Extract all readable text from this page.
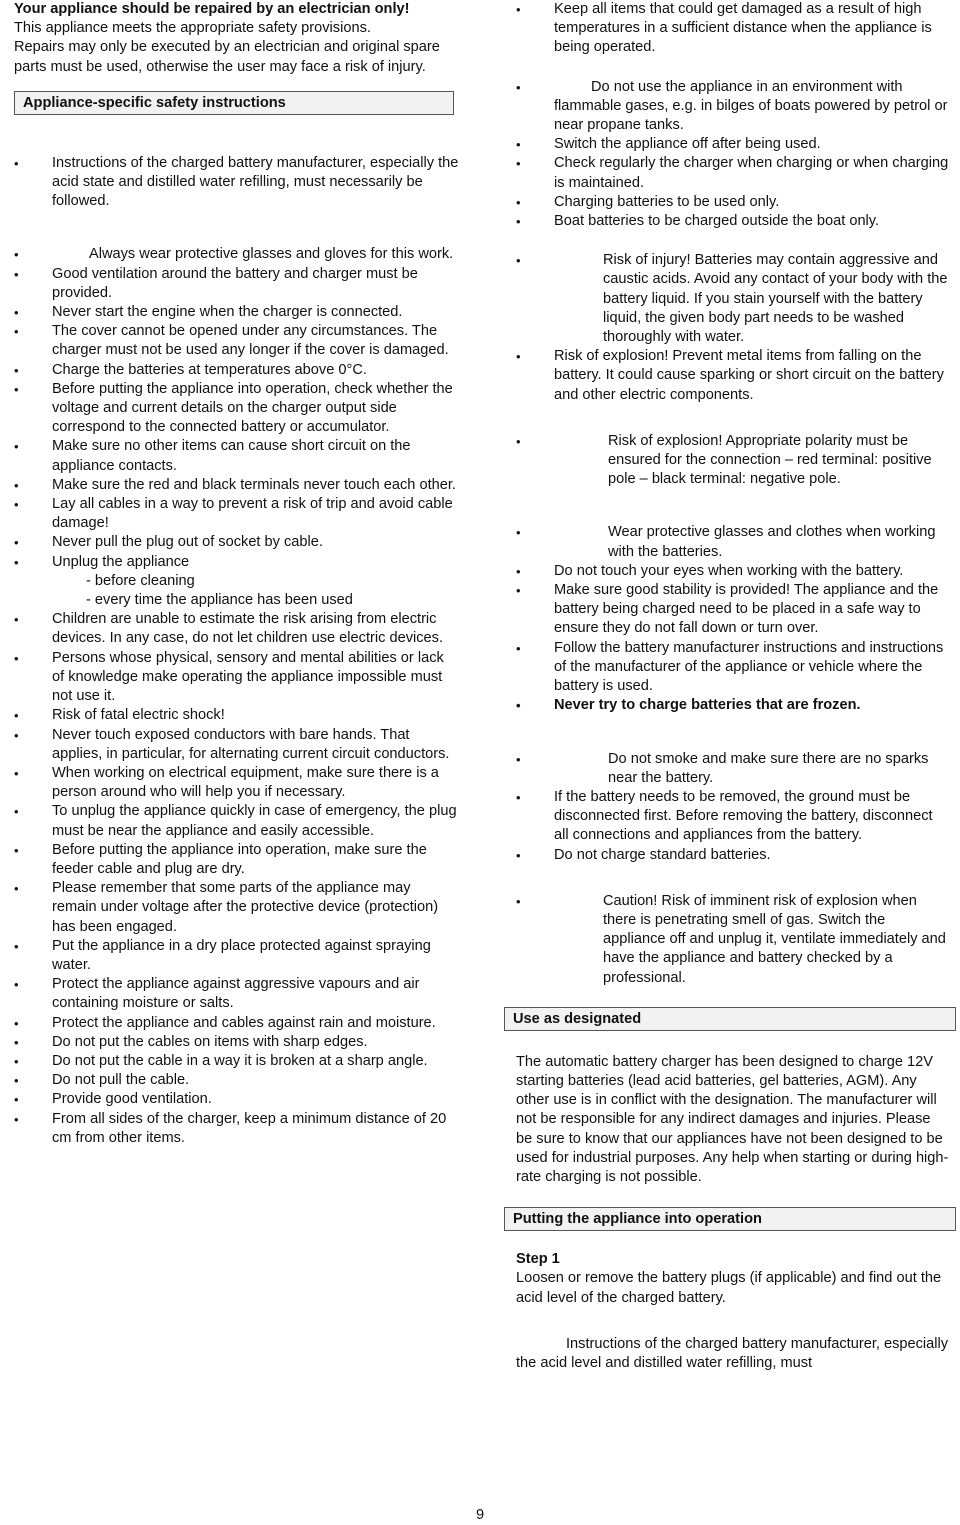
Your appliance should be repaired by an electrician only!

This appliance meets the appropriate safety provisions.

Repairs may only be executed by an electrician and original spare parts must be used, otherwise the user may face a risk of injury.

Appliance-specific safety instructions
• Instructions of the charged battery manufacturer, especially the acid state and distilled water refilling, must necessarily be followed.
• Always wear protective glasses and gloves for this work.
• Good ventilation around the battery and charger must be provided.
• Never start the engine when the charger is connected.
• The cover cannot be opened under any circumstances. The charger must not be used any longer if the cover is damaged.
• Charge the batteries at temperatures above 0°C.
• Before putting the appliance into operation, check whether the voltage and current details on the charger output side correspond to the connected battery or accumulator.
• Make sure no other items can cause short circuit on the appliance contacts.
• Make sure the red and black terminals never touch each other.
• Lay all cables in a way to prevent a risk of trip and avoid cable damage!
• Never pull the plug out of socket by cable.
• Unplug the appliance
- before cleaning
- every time the appliance has been used
• Children are unable to estimate the risk arising from electric devices. In any case, do not let children use electric devices.
• Persons whose physical, sensory and mental abilities or lack of knowledge make operating the appliance impossible must not use it.
• Risk of fatal electric shock!
• Never touch exposed conductors with bare hands. That applies, in particular, for alternating current circuit conductors.
• When working on electrical equipment, make sure there is a person around who will help you if necessary.
• To unplug the appliance quickly in case of emergency, the plug must be near the appliance and easily accessible.
• Before putting the appliance into operation, make sure the feeder cable and plug are dry.
• Please remember that some parts of the appliance may remain under voltage after the protective device (protection) has been engaged.
• Put the appliance in a dry place protected against spraying water.
• Protect the appliance against aggressive vapours and air containing moisture or salts.
• Protect the appliance and cables against rain and moisture.
• Do not put the cables on items with sharp edges.
• Do not put the cable in a way it is broken at a sharp angle.
• Do not pull the cable.
• Provide good ventilation.
• From all sides of the charger, keep a minimum distance of 20 cm from other items.
• Keep all items that could get damaged as a result of high temperatures in a sufficient distance when the appliance is being operated.
• Do not use the appliance in an environment with flammable gases, e.g. in bilges of boats powered by petrol or near propane tanks.
• Switch the appliance off after being used.
• Check regularly the charger when charging or when charging is maintained.
• Charging batteries to be used only.
• Boat batteries to be charged outside the boat only.
• Risk of injury! Batteries may contain aggressive and caustic acids. Avoid any contact of your body with the battery liquid. If you stain yourself with the battery liquid, the given body part needs to be washed thoroughly with water.
• Risk of explosion! Prevent metal items from falling on the battery. It could cause sparking or short circuit on the battery and other electric components.
• Risk of explosion! Appropriate polarity must be ensured for the connection – red terminal: positive pole – black terminal: negative pole.
• Wear protective glasses and clothes when working with the batteries.
• Do not touch your eyes when working with the battery.
• Make sure good stability is provided! The appliance and the battery being charged need to be placed in a safe way to ensure they do not fall down or turn over.
• Follow the battery manufacturer instructions and instructions of the manufacturer of the appliance or vehicle where the battery is used.
• Never try to charge batteries that are frozen.
• Do not smoke and make sure there are no sparks near the battery.
• If the battery needs to be removed, the ground must be disconnected first. Before removing the battery, disconnect all connections and appliances from the battery.
• Do not charge standard batteries.
• Caution! Risk of imminent risk of explosion when there is penetrating smell of gas. Switch the appliance off and unplug it, ventilate immediately and have the appliance and battery checked by a professional.
Use as designated

The automatic battery charger has been designed to charge 12V starting batteries (lead acid batteries, gel batteries, AGM). Any other use is in conflict with the designation. The manufacturer will not be responsible for any indirect damages and injuries. Please be sure to know that our appliances have not been designed to be used for industrial purposes. Any help when starting or during high-rate charging is not possible.

Putting the appliance into operation

Step 1

Loosen or remove the battery plugs (if applicable) and find out the acid level of the charged battery.

Instructions of the charged battery manufacturer, especially the acid level and distilled water refilling, must

9
